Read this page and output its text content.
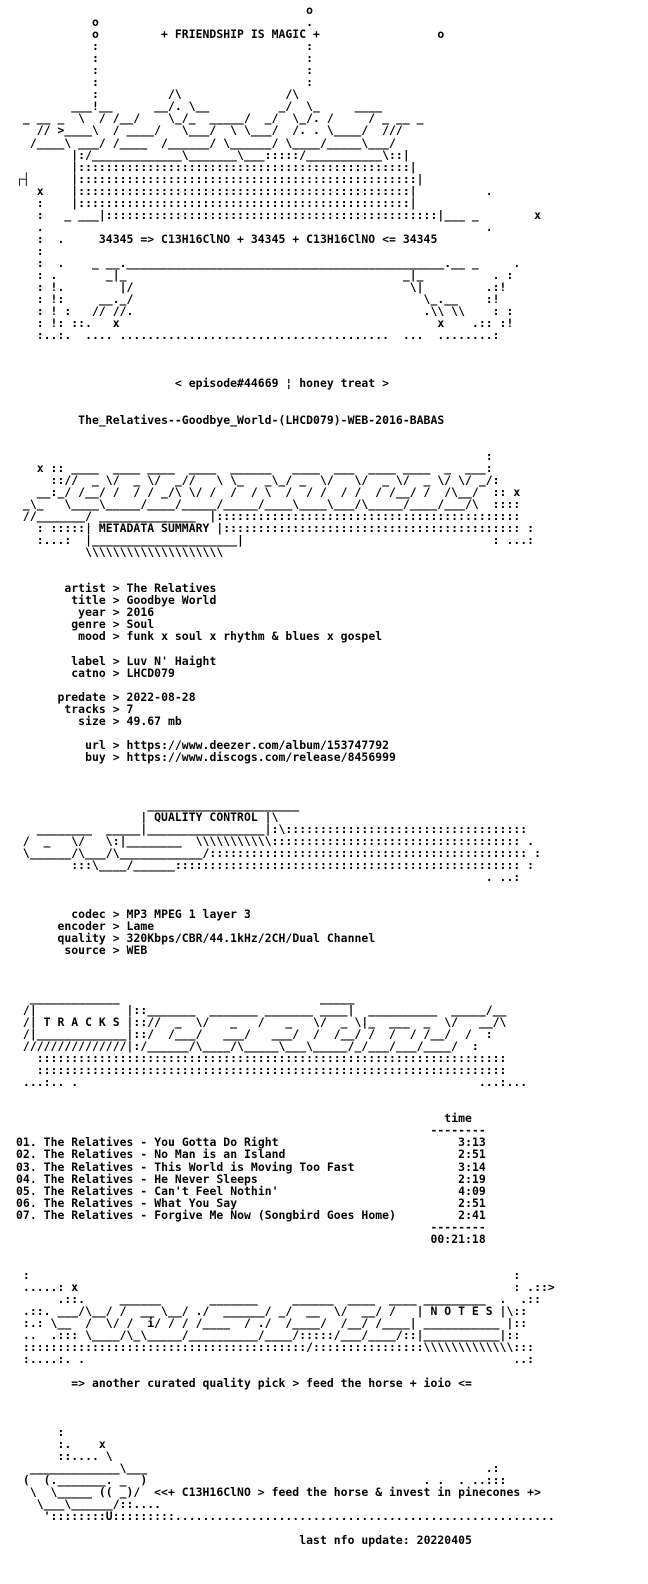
o
o                              .
o         + FRIENDSHIP IS MAGIC +                 o
:                              :
:                              :
:                              :
:                              :
:          /\               /\
___!__      __/. \__          _/  \_     ____
_ __ _  \  / /__/    \_/_  _____/  _/  \_/. /     / _ __ _
// >____\  / ____/   \___/  \ \___/  /. . \____/  ///
/____\ ___/ /____  /______/ \______/ \____/_____\___/
|:/_____________\_______\___:::::/___________\::|
|::::::::::::::::::::::::::::::::::::::::::::::::|
┌┤      |:::::::::::::::::::::::::::::::::::::::::::::::::|
x    |::::::::::::::::::::::::::::::::::::::::::::::::|          .
:    |::::::::::::::::::::::::::::::::::::::::::::::::|
:   _ ___|::::::::::::::::::::::::::::::::::::::::::::::::|___ _        x
.                                                                .
:  .     34345 => C13H16ClNO + 34345 + C13H16ClNO <= 34345
:
:  .    _ __.______________________________________________.__ _     .
: .       _|_                                        _|_          . :
: !.        |/                                        \|         .:!
: !:     __._/                                          \_.__    :!
: ! :   // //.                                          .\\ \\    : :
: !: ::.   x                                              x    .:: :!
:..:.  .... .......................................  ...  ........:

< episode#44669 ¦ honey treat >

The_Relatives--Goodbye_World-(LHCD079)-WEB-2016-BABAS

:
x :: ____  ____ ____  ____  ______   ____  ___  ____ ____  _  ___:
:://  _ \/  _ \/  _//   \ \_   _\_/ _  \/   \/  _ \/  _ \/ \/ _/:
__:_/ /__/ /  / / _/\ \/ /  /  / \  /  / /  / /  / /__/ /  /\__/  :: x
_\_   \____\_____/____/_____/_____/____\____\___/\_____/____/___/\  ::::
//_______/ ______________  |::::::::::::::::::::::::::::::::::::::::::::
: :::::| METADATA SUMMARY |::::::::::::::::::::::::::::::::::::::::::: :
:...:  |_____________________|                                    : ...:
\\\\\\\\\\\\\\\\\\\\

artist > The Relatives
title > Goodbye World
year > 2016
genre > Soul
mood > funk x soul x rhythm & blues x gospel

label > Luv N' Haight
catno > LHCD079

predate > 2022-08-28
tracks > 7
size > 49.67 mb

url > https://www.deezer.com/album/153747792
buy > https://www.discogs.com/release/8456999

______________________
| QUALITY CONTROL |\
________  _____|_________________|:\:::::::::::::::::::::::::::::::::::
/  _   \/   \:|________  \\\\\\\\\\\:::::::::::::::::::::::::::::::::::: .
\______/\___/\____________/:::::::::::::::::::::::::::::::::::::::::::::: :
:::\____/______:::::::::::::::::::::::::::::::::::::::::::::::::: :
. ..:

codec > MP3 MPEG 1 layer 3
encoder > Lame
quality > 320Kbps/CBR/44.1kHz/2CH/Dual Channel
source > WEB

_____________                             _____
/|             |::_______  _______ _______ ____|  __________  _____/__
/| T R A C K S |:://  _  \/   _   /   _   \/  _ \|_  ___  _  \/   __/\
/|_____________|::/  /___/   ___/   ___/  /  /__/ /  /  / /__/  /  :
///////////////|:/______/\____/\_____\___\_____/_/___/___/____/  :
::::::::::::::::::::::::::::::::::::::::::::::::::::::::::::::::::::
::::::::::::::::::::::::::::::::::::::::::::::::::::::::::::::::::::
...:.. .                                                          ...:...

time
--------
01. The Relatives - You Gotta Do Right	3:13
02. The Relatives - No Man is an Island	2:51
03. The Relatives - This World is Moving Too Fast	3:14
04. The Relatives - He Never Sleeps	2:19
05. The Relatives - Can't Feel Nothin'	4:09
06. The Relatives - What You Say	2:51
07. The Relatives - Forgive Me Now (Songbird Goes Home)	2:41
--------
00:21:18

:                                                                      :
.....: x                                                               : .::>
.::.     ______       _______     ______  ____  ____ _________  .  .::
.::. ___/\__/ /  __ \__/ ./  ______/ _/  __  \/  __/ /   | N O T E S |\::
:.: \__  /  \/ /  i/ / / /____  / ./  /____/  /__/ /____| ___________ |::
..  .::: \____/\_\_____/__________/____/:::::/___/____/::|___________|::
:::::::::::::::::::::::::::::::::::::::::/::::::::::::::::\\\\\\\\\\\\\:::
:....:. .                                                              ..:

=> another curated quality pick > feed the horse + ioio <=

:
:.    x
::.... \
_____________\___                                                 .:
(  (._______. _  )                                        . .  . ..:::
\  \_____ (( _)/  <<+ C13H16ClNO > feed the horse & invest in pinecones +>
\___\______/::....
'::::::::U:::::::::.......................................................

last nfo update: 20220405
